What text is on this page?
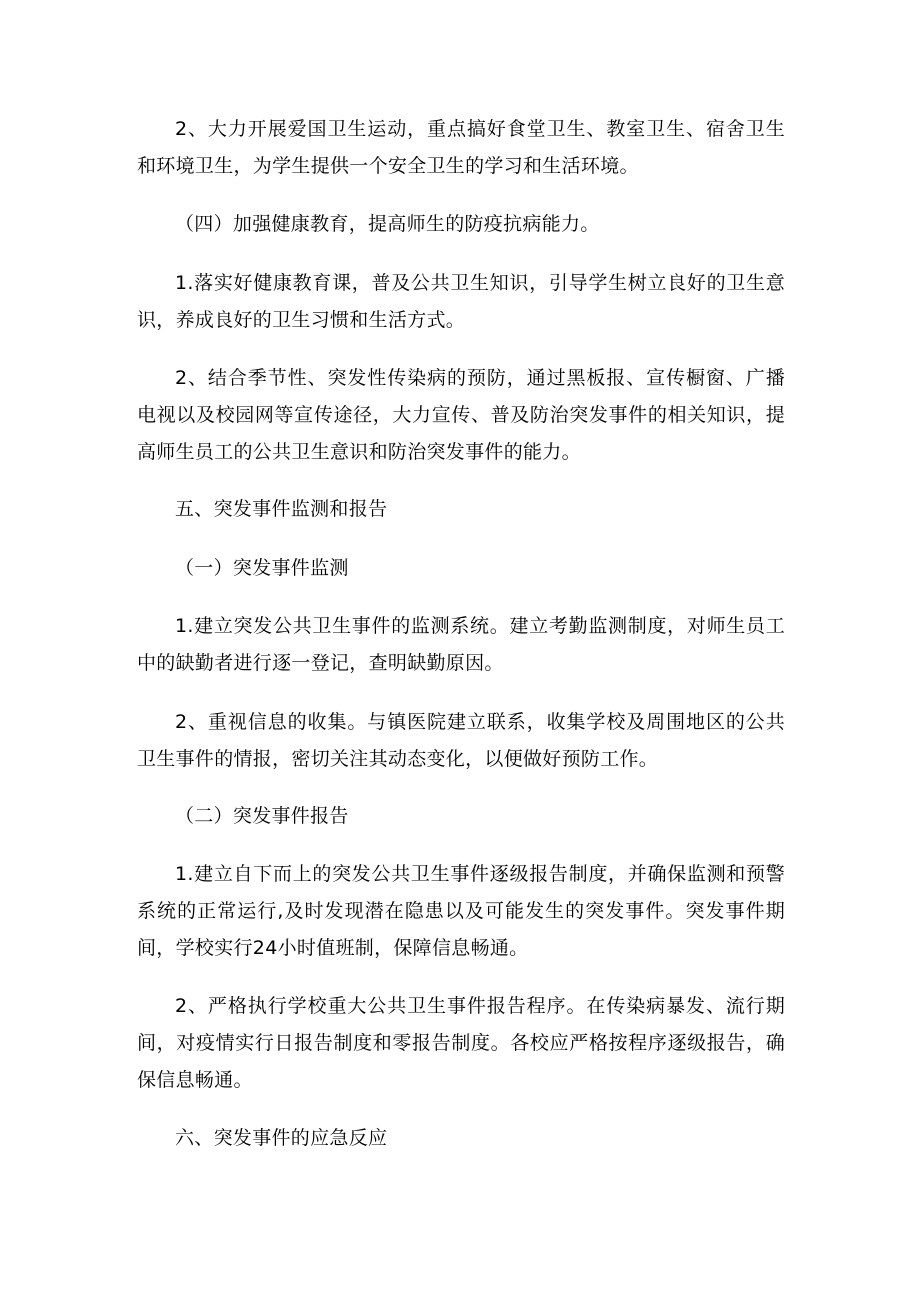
2、大力开展爱国卫生运动，重点搞好食堂卫生、教室卫生、宿舍卫生和环境卫生，为学生提供一个安全卫生的学习和生活环境。

（四）加强健康教育，提高师生的防疫抗病能力。

1.落实好健康教育课，普及公共卫生知识，引导学生树立良好的卫生意识，养成良好的卫生习惯和生活方式。

2、结合季节性、突发性传染病的预防，通过黑板报、宣传橱窗、广播电视以及校园网等宣传途径，大力宣传、普及防治突发事件的相关知识，提高师生员工的公共卫生意识和防治突发事件的能力。

五、突发事件监测和报告

（一）突发事件监测

1.建立突发公共卫生事件的监测系统。建立考勤监测制度，对师生员工中的缺勤者进行逐一登记，查明缺勤原因。

2、重视信息的收集。与镇医院建立联系，收集学校及周围地区的公共卫生事件的情报，密切关注其动态变化，以便做好预防工作。

（二）突发事件报告

1.建立自下而上的突发公共卫生事件逐级报告制度，并确保监测和预警系统的正常运行,及时发现潜在隐患以及可能发生的突发事件。突发事件期间，学校实行24小时值班制，保障信息畅通。

2、严格执行学校重大公共卫生事件报告程序。在传染病暴发、流行期间，对疫情实行日报告制度和零报告制度。各校应严格按程序逐级报告，确保信息畅通。

六、突发事件的应急反应
